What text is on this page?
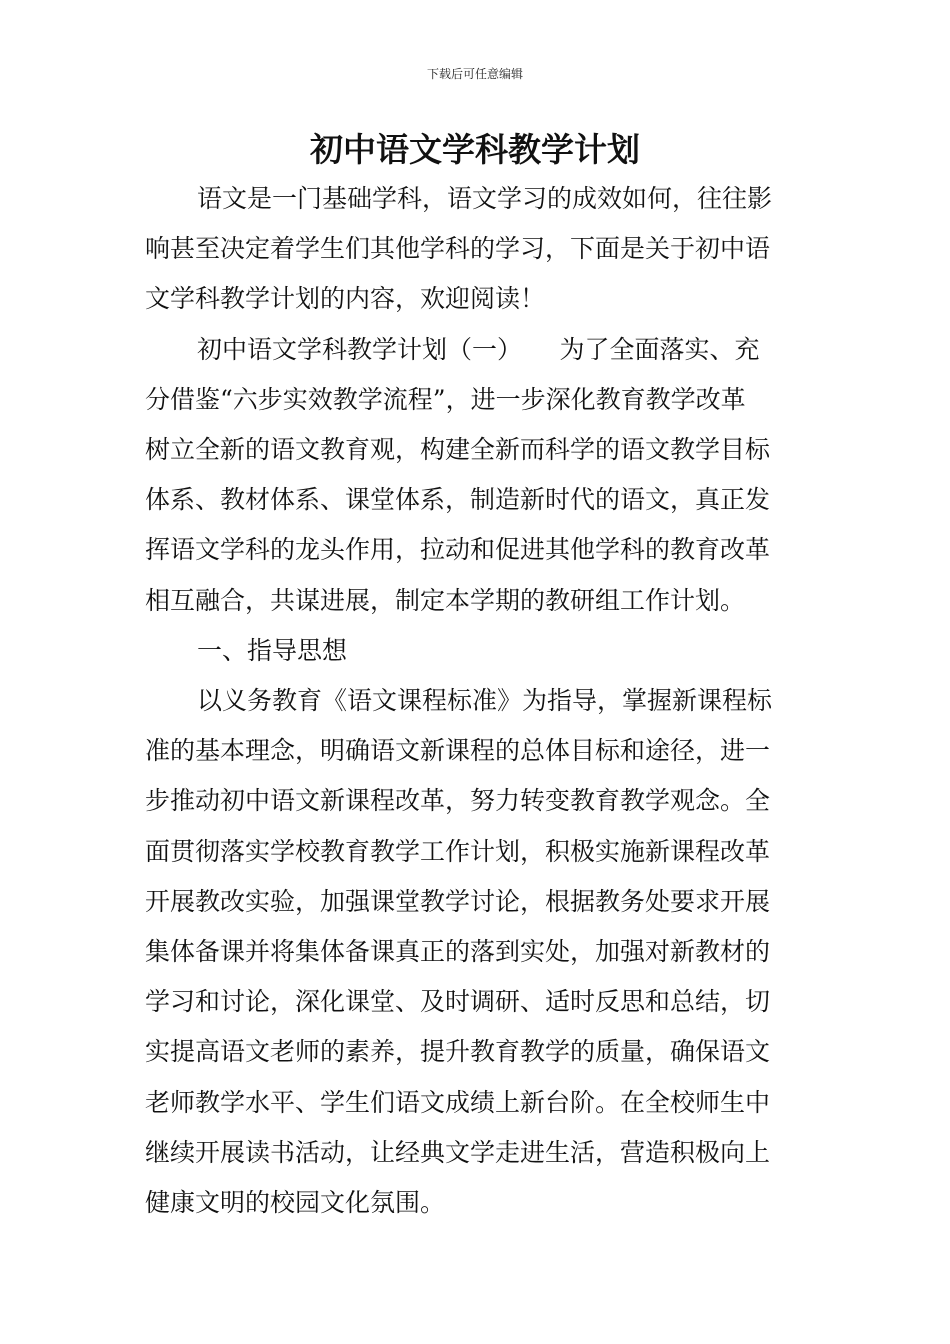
下载后可任意编辑
初中语文学科教学计划
语文是一门基础学科，语文学习的成效如何，往往影
响甚至决定着学生们其他学科的学习，下面是关于初中语
文学科教学计划的内容，欢迎阅读！
初中语文学科教学计划（一）　　为了全面落实、充
分借鉴“六步实效教学流程”，进一步深化教育教学改革
树立全新的语文教育观，构建全新而科学的语文教学目标
体系、教材体系、课堂体系，制造新时代的语文，真正发
挥语文学科的龙头作用，拉动和促进其他学科的教育改革
相互融合，共谋进展，制定本学期的教研组工作计划。
一、指导思想
以义务教育《语文课程标准》为指导，掌握新课程标
准的基本理念，明确语文新课程的总体目标和途径，进一
步推动初中语文新课程改革，努力转变教育教学观念。全
面贯彻落实学校教育教学工作计划，积极实施新课程改革
开展教改实验，加强课堂教学讨论，根据教务处要求开展
集体备课并将集体备课真正的落到实处，加强对新教材的
学习和讨论，深化课堂、及时调研、适时反思和总结，切
实提高语文老师的素养，提升教育教学的质量，确保语文
老师教学水平、学生们语文成绩上新台阶。在全校师生中
继续开展读书活动，让经典文学走进生活，营造积极向上
健康文明的校园文化氛围。
